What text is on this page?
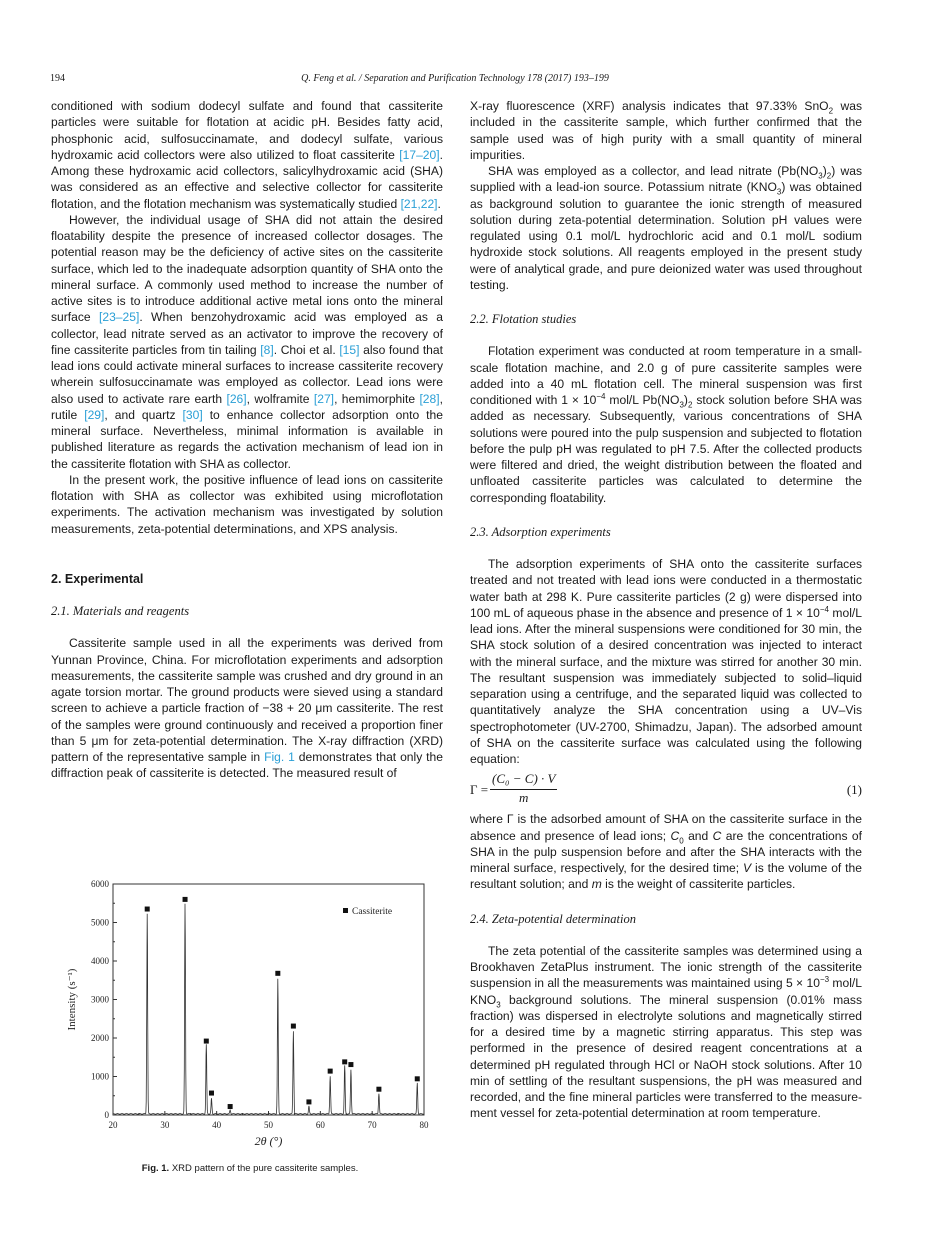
194	Q. Feng et al. / Separation and Purification Technology 178 (2017) 193–199

conditioned with sodium dodecyl sulfate and found that cassiterite particles were suitable for flotation at acidic pH. Besides fatty acid, phosphonic acid, sulfosuccinamate, and dodecyl sulfate, various hydroxamic acid collectors were also utilized to float cassiterite [17–20]. Among these hydroxamic acid collectors, salicylhydroxamic acid (SHA) was considered as an effective and selective collector for cassiterite flotation, and the flotation mechanism was systematically studied [21,22].

However, the individual usage of SHA did not attain the desired floatability despite the presence of increased collector dosages. The potential reason may be the deficiency of active sites on the cassiterite surface, which led to the inadequate adsorption quantity of SHA onto the mineral surface. A commonly used method to increase the number of active sites is to introduce additional active metal ions onto the mineral surface [23–25]. When benzohydroxamic acid was employed as a collector, lead nitrate served as an activator to improve the recovery of fine cassiterite particles from tin tailing [8]. Choi et al. [15] also found that lead ions could activate mineral surfaces to increase cassiterite recovery wherein sulfosuccinamate was employed as collector. Lead ions were also used to activate rare earth [26], wolframite [27], hemimorphite [28], rutile [29], and quartz [30] to enhance collector adsorption onto the mineral surface. Nevertheless, minimal information is available in published literature as regards the activation mechanism of lead ion in the cassiterite flotation with SHA as collector.

In the present work, the positive influence of lead ions on cassiterite flotation with SHA as collector was exhibited using microflotation experiments. The activation mechanism was investigated by solution measurements, zeta-potential determinations, and XPS analysis.

2. Experimental

2.1. Materials and reagents

Cassiterite sample used in all the experiments was derived from Yunnan Province, China. For microflotation experiments and adsorption measurements, the cassiterite sample was crushed and dry ground in an agate torsion mortar. The ground products were sieved using a standard screen to achieve a particle fraction of −38 + 20 μm cassiterite. The rest of the samples were ground continuously and received a proportion finer than 5 μm for zeta-potential determination. The X-ray diffraction (XRD) pattern of the representative sample in Fig. 1 demonstrates that only the diffraction peak of cassiterite is detected. The measured result of

20	30	40	50	60	70	80
0
1000
2000
3000
4000
5000
6000
2θ (°)
Intensity (s⁻¹)
Cassiterite
Fig. 1. XRD pattern of the pure cassiterite samples.

X-ray fluorescence (XRF) analysis indicates that 97.33% SnO$_2$ was included in the cassiterite sample, which further confirmed that the sample used was of high purity with a small quantity of mineral impurities.

SHA was employed as a collector, and lead nitrate $(Pb(NO_3)_2)$ was supplied with a lead-ion source. Potassium nitrate $(KNO_3)$ was obtained as background solution to guarantee the ionic strength of measured solution during zeta-potential determination. Solution pH values were regulated using 0.1 mol/L hydrochloric acid and 0.1 mol/L sodium hydroxide stock solutions. All reagents employed in the present study were of analytical grade, and pure deionized water was used throughout testing.

2.2. Flotation studies

Flotation experiment was conducted at room temperature in a small-scale flotation machine, and 2.0 g of pure cassiterite samples were added into a 40 mL flotation cell. The mineral suspension was first conditioned with $1 \times 10^{-4}$ mol/L $Pb(NO_3)_2$ stock solution before SHA was added as necessary. Subsequently, various concentrations of SHA solutions were poured into the pulp suspension and subjected to flotation before the pulp pH was regulated to pH 7.5. After the collected products were filtered and dried, the weight distribution between the floated and unfloated cassiterite particles was calculated to determine the corresponding floatability.

2.3. Adsorption experiments

The adsorption experiments of SHA onto the cassiterite surfaces treated and not treated with lead ions were conducted in a thermostatic water bath at 298 K. Pure cassiterite particles (2 g) were dispersed into 100 mL of aqueous phase in the absence and presence of $1 \times 10^{-4}$ mol/L lead ions. After the mineral suspensions were conditioned for 30 min, the SHA stock solution of a desired concentration was injected to interact with the mineral surface, and the mixture was stirred for another 30 min. The resultant suspension was immediately subjected to solid–liquid separation using a centrifuge, and the separated liquid was collected to quantitatively analyze the SHA concentration using a UV–Vis spectrophotometer (UV-2700, Shimadzu, Japan). The adsorbed amount of SHA on the cassiterite surface was calculated using the following equation:

$\Gamma = \frac{\text{(C₀ − C) · V}}{m}$	(1)

where Γ is the adsorbed amount of SHA on the cassiterite surface in the absence and presence of lead ions; $C_0$ and C are the concentrations of SHA in the pulp suspension before and after the SHA interacts with the mineral surface, respectively, for the desired time; V is the volume of the resultant solution; and m is the weight of cassiterite particles.

2.4. Zeta-potential determination

The zeta potential of the cassiterite samples was determined using a Brookhaven ZetaPlus instrument. The ionic strength of the cassiterite suspension in all the measurements was maintained using $5 \times 10^{-3}$ mol/L $KNO_3$ background solutions. The mineral suspension (0.01% mass fraction) was dispersed in electrolyte solutions and magnetically stirred for a desired time by a magnetic stirring apparatus. This step was performed in the presence of desired reagent concentrations at a determined pH regulated through HCl or NaOH stock solutions. After 10 min of settling of the resultant suspensions, the pH was measured and recorded, and the fine mineral particles were transferred to the measurement vessel for zeta-potential determination at room temperature.
